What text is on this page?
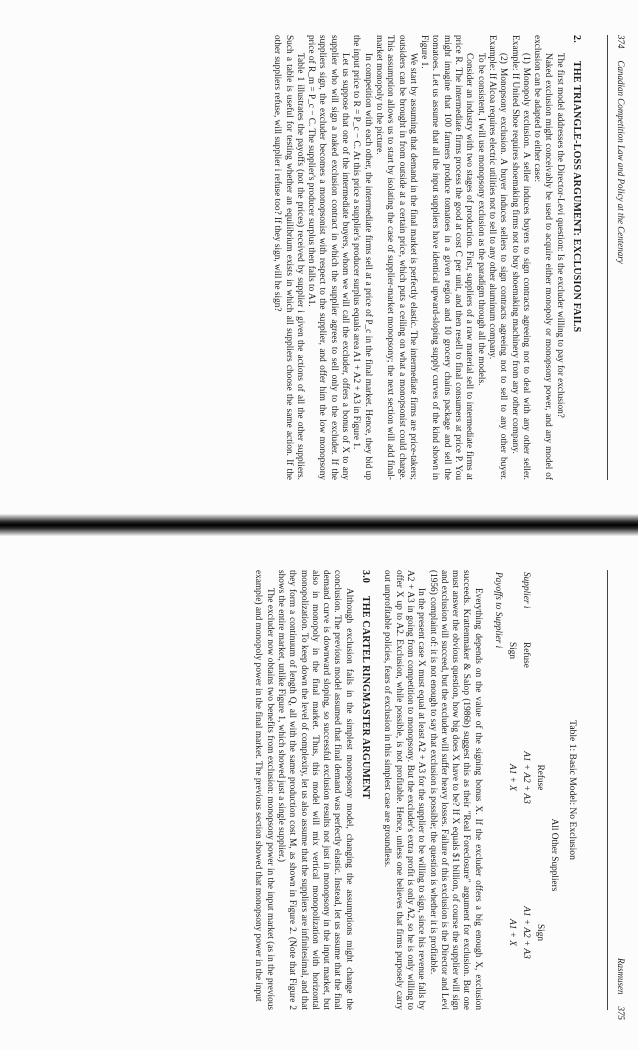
374
Canadian Competition Law and Policy at the Centenary
2.THE TRIANGLE-LOSS ARGUMENT: EXCLUSION FAILS

The first model addresses the Director-Levi question: Is the excluder willing to pay for exclusion?

Naked exclusion might conceivably be used to acquire either monopoly or monopsony power, and any model of exclusion can be adapted to either case:

(1) Monopoly exclusion. A seller induces buyers to sign contracts agreeing not to deal with any other seller. Example: If United Shoe requires shoemaking firms not to buy shoemaking machinery from any other company.

(2) Monopsony exclusion. A buyer induces sellers to sign contracts agreeing not to sell to any other buyer. Example: If Alcoa requires electric utilities not to sell to any other aluminum company.

To be consistent, I will use monopsony exclusion as the paradigm through all the models.

Consider an industry with two stages of production. First, suppliers of a raw material sell to intermediate firms at price R. The intermediate firms process the good at cost C per unit, and then resell to final consumers at price P. You might imagine that 100 farmers produce tomatoes in a given region and 10 grocery chains package and sell the tomatoes. Let us assume that all the input suppliers have identical upward-sloping supply curves of the kind shown in Figure 1.

We start by assuming that demand in the final market is perfectly elastic. The intermediate firms are price-takers; outsiders can be brought in from outside at a certain price, which puts a ceiling on what a monopsonist could charge. This assumption allows us to start by isolating the case of supplier-market monopsony; the next section will add final-market monopoly to the picture.

In competition with each other, the intermediate firms sell at a price of P_c in the final market. Hence, they bid up the input price to R = P_c − C. At this price a supplier's producer surplus equals area A1 + A2 + A3 in Figure 1.

Let us suppose that one of the intermediate buyers, whom we will call the excluder, offers a bonus of X to any supplier who will sign a naked exclusion contract in which the supplier agrees to sell only to the excluder. If the suppliers sign, the excluder becomes a monopsonist with respect to the supplier, and offer him the low monopsony price of R_m = P_c − C. The supplier's producer surplus then falls to A1.

Table 1 illustrates the payoffs (not the prices) received by supplier i given the actions of all the other suppliers. Such a table is useful for testing whether an equilibrium exists in which all suppliers choose the same action. If the other suppliers refuse, will supplier i refuse too? If they sign, will he sign?

Rasmusen
375
Table 1: Basic Model: No Exclusion
All Other Suppliers
Refuse
Sign
Supplier i
Refuse
A1 + A2 + A3
A1 + A2 + A3
Sign
A1 + X
A1 + X
Payoffs to Supplier i

Everything depends on the value of the signing bonus X. If the excluder offers a big enough X, exclusion succeeds. Krattenmaker & Salop (1986b) suggest this as their "Real Foreclosure" argument for exclusion. But one must answer the obvious question, how big does X have to be? If X equals $1 billion, of course the supplier will sign and exclusion will succeed, but the excluder will suffer heavy losses. Failure of this exclusion is the Director and Levi (1956) complaint of: it is not enough to say that exclusion is possible; the question is whether it is profitable.

In the present case X must equal at least A2 + A3 for the supplier to be willing to sign, since his revenue falls by A2 + A3 in going from competition to monopsony. But the excluder's extra profit is only A2, so he is only willing to offer X up to A2. Exclusion, while possible, is not profitable. Hence, unless one believes that firms purposely carry out unprofitable policies, fears of exclusion in this simplest case are groundless.

3.0THE CARTEL RINGMASTER ARGUMENT

Although exclusion fails in the simplest monopsony model, changing the assumptions might change the conclusion. The previous model assumed that final demand was perfectly elastic. Instead, let us assume that the final demand curve is downward sloping, so successful exclusion results not just in monopsony in the input market, but also in monopoly in the final market. Thus, this model will mix vertical monopolization with horizontal monopolization. To keep down the level of complexity, let us also assume that the suppliers are infinitesimal, and that they form a continuum of length Q, all with the same production cost M, as shown in Figure 2. (Note that Figure 2 shows the entire market, unlike Figure 1, which showed just a single supplier.)

The excluder now obtains two benefits from exclusion: monopsony power in the input market (as in the previous example) and monopoly power in the final market. The previous section showed that monopsony power in the input
